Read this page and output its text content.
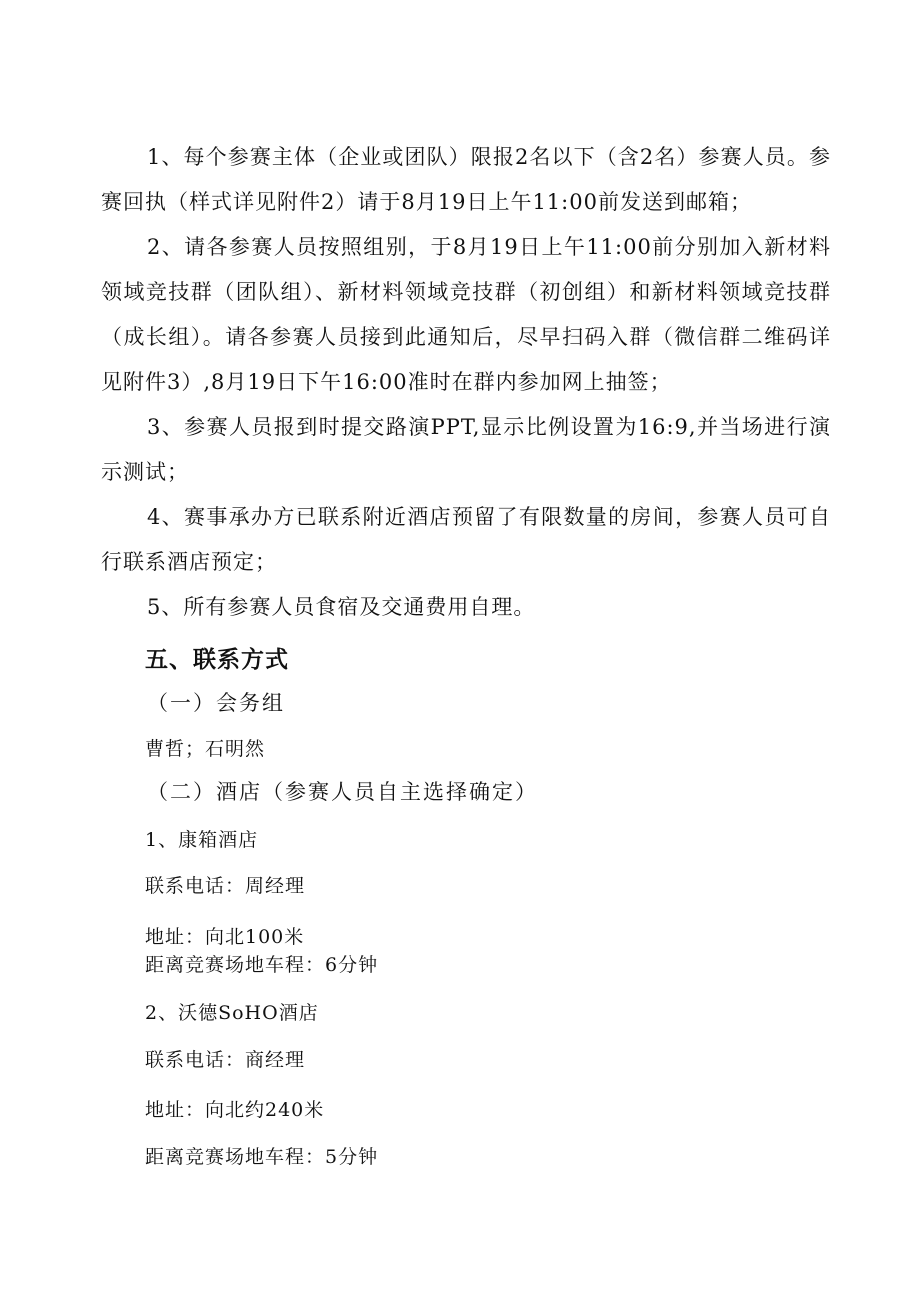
1、每个参赛主体（企业或团队）限报2名以下（含2名）参赛人员。参赛回执（样式详见附件2）请于8月19日上午11:00前发送到邮箱；

2、请各参赛人员按照组别，于8月19日上午11:00前分别加入新材料领域竞技群（团队组）、新材料领域竞技群（初创组）和新材料领域竞技群（成长组）。请各参赛人员接到此通知后，尽早扫码入群（微信群二维码详见附件3）,8月19日下午16:00准时在群内参加网上抽签；

3、参赛人员报到时提交路演PPT,显示比例设置为16:9,并当场进行演示测试；

4、赛事承办方已联系附近酒店预留了有限数量的房间，参赛人员可自行联系酒店预定；

5、所有参赛人员食宿及交通费用自理。

五、联系方式
（一）会务组

曹哲；石明然

（二）酒店（参赛人员自主选择确定）

1、康箱酒店

联系电话：周经理

地址：向北100米

距离竞赛场地车程：6分钟

2、沃德SoHO酒店

联系电话：商经理

地址：向北约240米

距离竞赛场地车程：5分钟
